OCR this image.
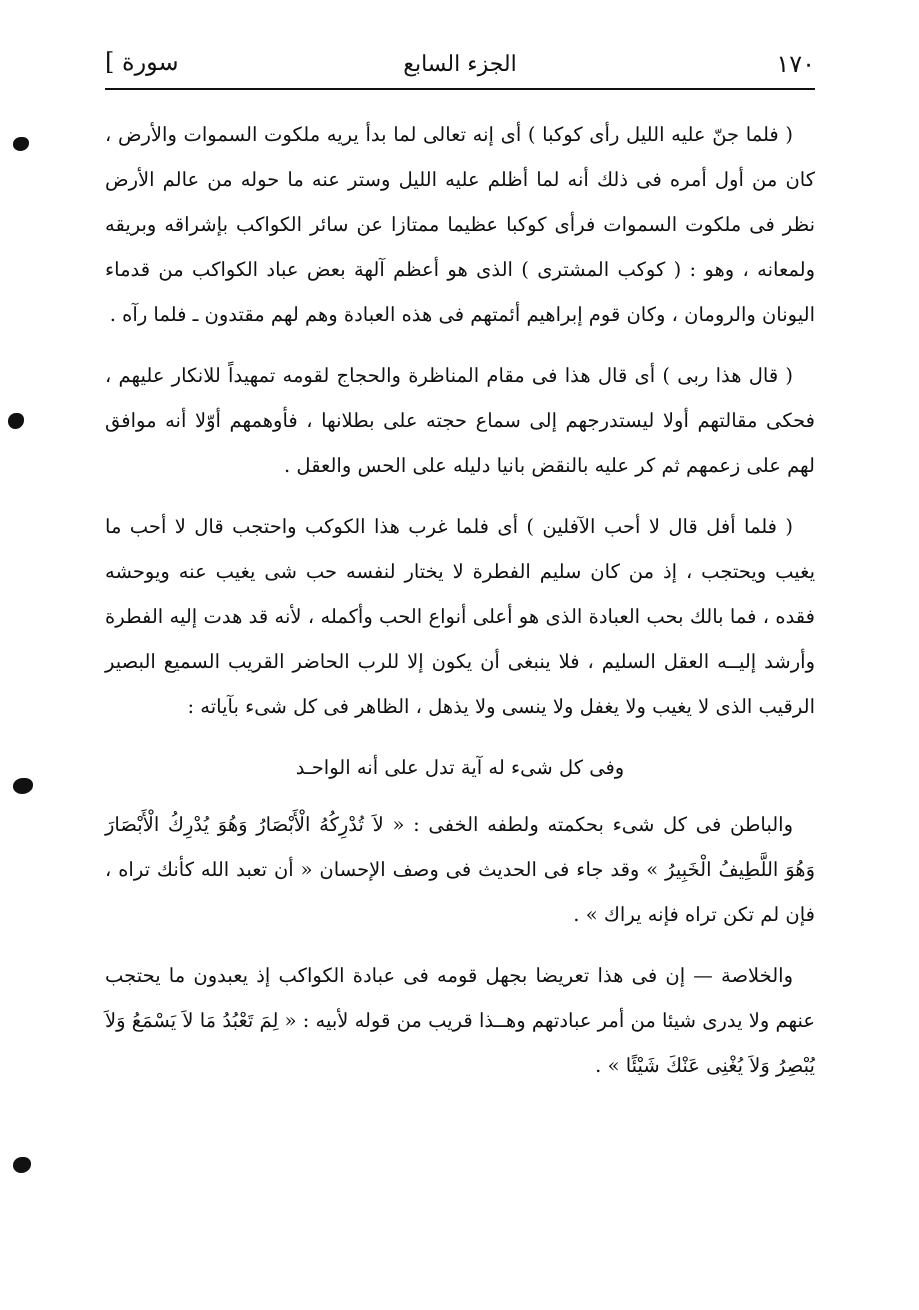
١٧٠
الجزء السابع
سورة ]

( فلما جنّ عليه الليل رأى كوكبا ) أى إنه تعالى لما بدأ يريه ملكوت السموات والأرض ، كان من أول أمره فى ذلك أنه لما أظلم عليه الليل وستر عنه ما حوله من عالم الأرض نظر فى ملكوت السموات فرأى كوكبا عظيما ممتازا عن سائر الكواكب بإشراقه وبريقه ولمعانه ، وهو : ( كوكب المشترى ) الذى هو أعظم آلهة بعض عباد الكواكب من قدماء اليونان والرومان ، وكان قوم إبراهيم أئمتهم فى هذه العبادة وهم لهم مقتدون ـ فلما رآه .

( قال هذا ربى ) أى قال هذا فى مقام المناظرة والحجاج لقومه تمهيداً للانكار عليهم ، فحكى مقالتهم أولا ليستدرجهم إلى سماع حجته على بطلانها ، فأوهمهم أوّلا أنه موافق لهم على زعمهم ثم كر عليه بالنقض بانيا دليله على الحس والعقل .

( فلما أفل قال لا أحب الآفلين ) أى فلما غرب هذا الكوكب واحتجب قال لا أحب ما يغيب ويحتجب ، إذ من كان سليم الفطرة لا يختار لنفسه حب شى يغيب عنه ويوحشه فقده ، فما بالك بحب العبادة الذى هو أعلى أنواع الحب وأكمله ، لأنه قد هدت إليه الفطرة وأرشد إليــه العقل السليم ، فلا ينبغى أن يكون إلا للرب الحاضر القريب السميع البصير الرقيب الذى لا يغيب ولا يغفل ولا ينسى ولا يذهل ، الظاهر فى كل شىء بآياته :

وفى كل شىء له آية تدل على أنه الواحـد

والباطن فى كل شىء بحكمته ولطفه الخفى : « لاَ تُدْرِكُهُ الْأَبْصَارُ وَهُوَ يُدْرِكُ الْأَبْصَارَ وَهُوَ اللَّطِيفُ الْخَبِيرُ » وقد جاء فى الحديث فى وصف الإحسان « أن تعبد الله كأنك تراه ، فإن لم تكن تراه فإنه يراك » .

والخلاصة — إن فى هذا تعريضا بجهل قومه فى عبادة الكواكب إذ يعبدون ما يحتجب عنهم ولا يدرى شيئا من أمر عبادتهم وهــذا قريب من قوله لأبيه : « لِمَ تَعْبُدُ مَا لاَ يَسْمَعُ وَلاَ يُبْصِرُ وَلاَ يُغْنِى عَنْكَ شَيْئًا » .
